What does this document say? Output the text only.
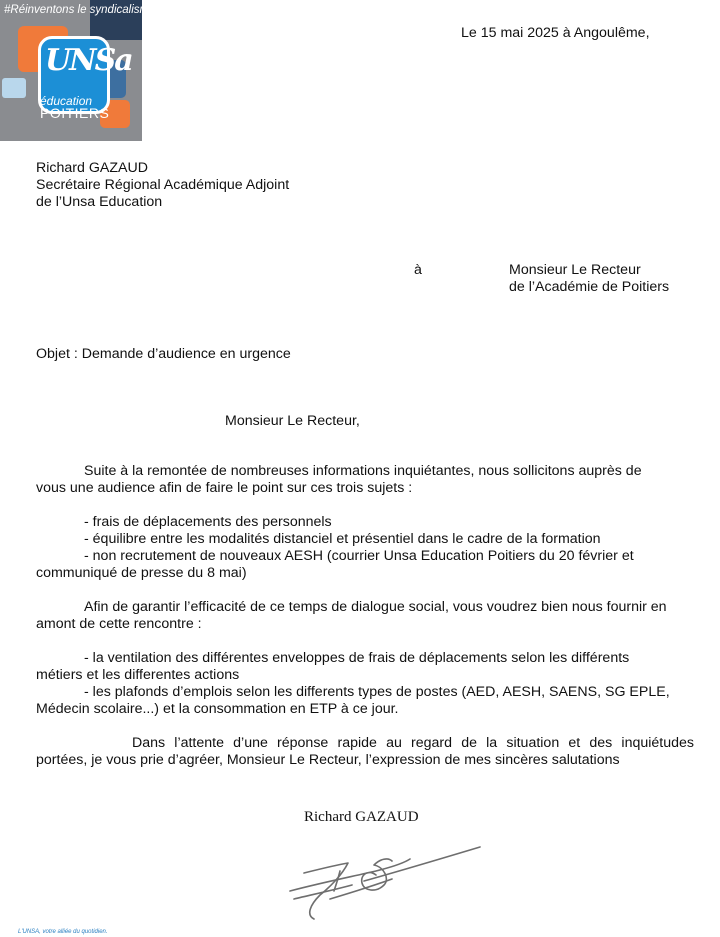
#Réinventons le syndicalisme
UNSa
éducation
POITIERS
L'UNSA, votre alliée du quotidien.
Le 15 mai 2025 à Angoulême,
Richard GAZAUD
Secrétaire Régional Académique Adjoint
de l’Unsa Education
à	Monsieur Le Recteur
de l’Académie de Poitiers
Objet : Demande d’audience en urgence
Monsieur Le Recteur,
Suite à la remontée de nombreuses informations inquiétantes, nous sollicitons auprès de
vous une audience afin de faire le point sur ces trois sujets :
- frais de déplacements des personnels
- équilibre entre les modalités distanciel et présentiel dans le cadre de la formation
- non recrutement de nouveaux AESH (courrier Unsa Education Poitiers du 20 février et
communiqué de presse du 8 mai)
Afin de garantir l’efficacité de ce temps de dialogue social, vous voudrez bien nous fournir en
amont de cette rencontre :
- la ventilation des différentes enveloppes de frais de déplacements selon les différents
métiers et les differentes actions
- les plafonds d’emplois selon les differents types de postes (AED, AESH, SAENS, SG EPLE,
Médecin scolaire...) et la consommation en ETP à ce jour.
Dans l’attente d’une réponse rapide au regard de la situation et des inquiétudes
portées, je vous prie d’agréer, Monsieur Le Recteur, l’expression de mes sincères salutations
Richard GAZAUD
